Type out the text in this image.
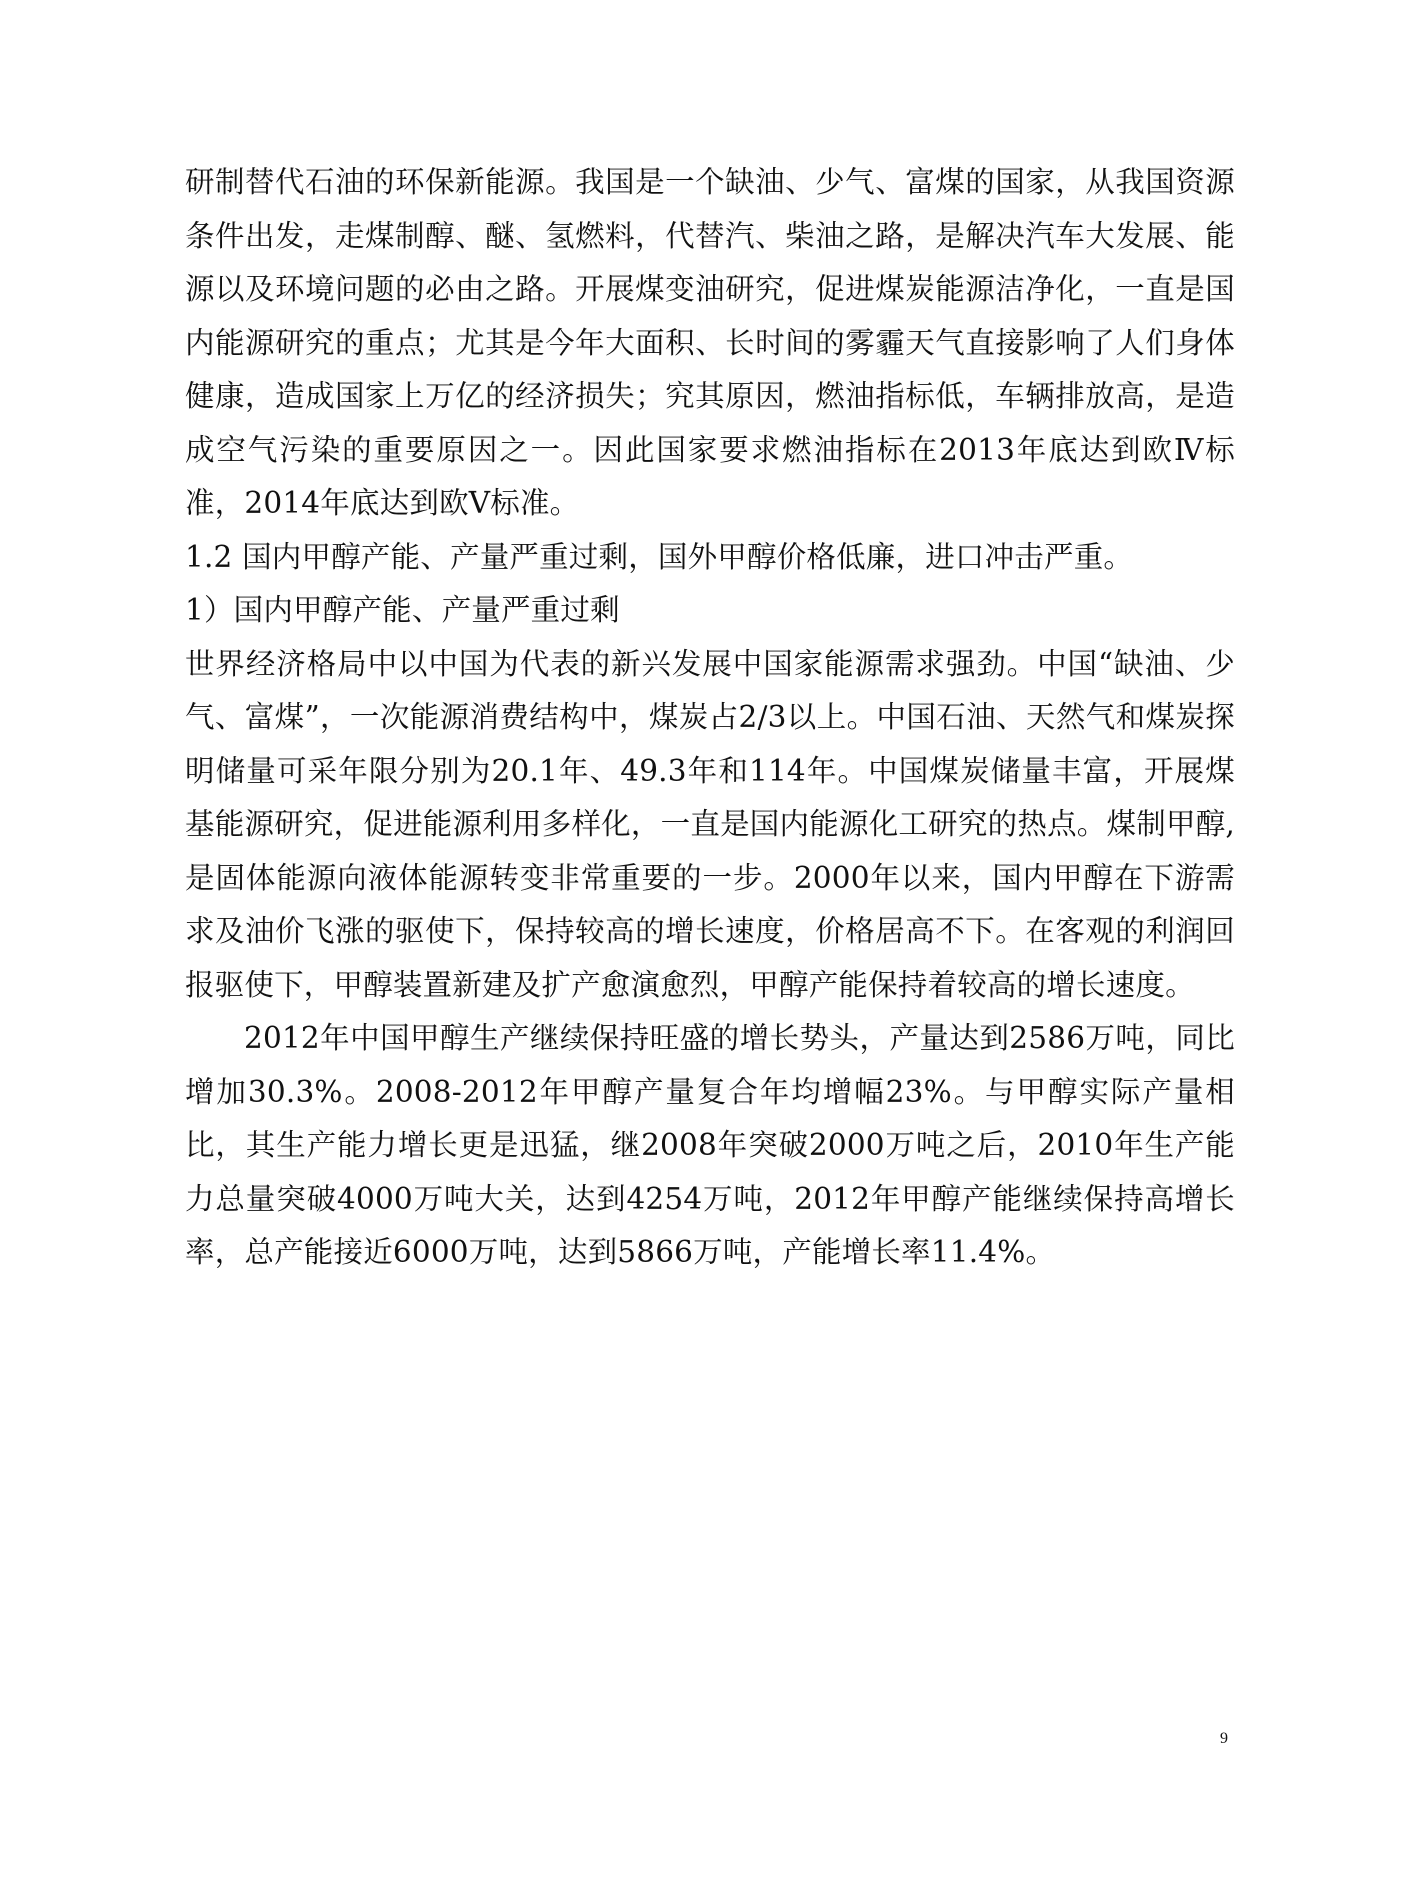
研制替代石油的环保新能源。我国是一个缺油、少气、富煤的国家，从我国资源条件出发，走煤制醇、醚、氢燃料，代替汽、柴油之路，是解决汽车大发展、能源以及环境问题的必由之路。开展煤变油研究，促进煤炭能源洁净化，一直是国内能源研究的重点；尤其是今年大面积、长时间的雾霾天气直接影响了人们身体健康，造成国家上万亿的经济损失；究其原因，燃油指标低，车辆排放高，是造成空气污染的重要原因之一。因此国家要求燃油指标在2013年底达到欧Ⅳ标准，2014年底达到欧Ⅴ标准。

1.2 国内甲醇产能、产量严重过剩，国外甲醇价格低廉，进口冲击严重。

1）国内甲醇产能、产量严重过剩

世界经济格局中以中国为代表的新兴发展中国家能源需求强劲。中国“缺油、少气、富煤”，一次能源消费结构中，煤炭占2/3以上。中国石油、天然气和煤炭探明储量可采年限分别为20.1年、49.3年和114年。中国煤炭储量丰富，开展煤基能源研究，促进能源利用多样化，一直是国内能源化工研究的热点。煤制甲醇,是固体能源向液体能源转变非常重要的一步。2000年以来，国内甲醇在下游需求及油价飞涨的驱使下，保持较高的增长速度，价格居高不下。在客观的利润回报驱使下，甲醇装置新建及扩产愈演愈烈，甲醇产能保持着较高的增长速度。

2012年中国甲醇生产继续保持旺盛的增长势头，产量达到2586万吨，同比增加30.3%。2008-2012年甲醇产量复合年均增幅23%。与甲醇实际产量相比，其生产能力增长更是迅猛，继2008年突破2000万吨之后，2010年生产能力总量突破4000万吨大关，达到4254万吨，2012年甲醇产能继续保持高增长率，总产能接近6000万吨，达到5866万吨，产能增长率11.4%。

9
